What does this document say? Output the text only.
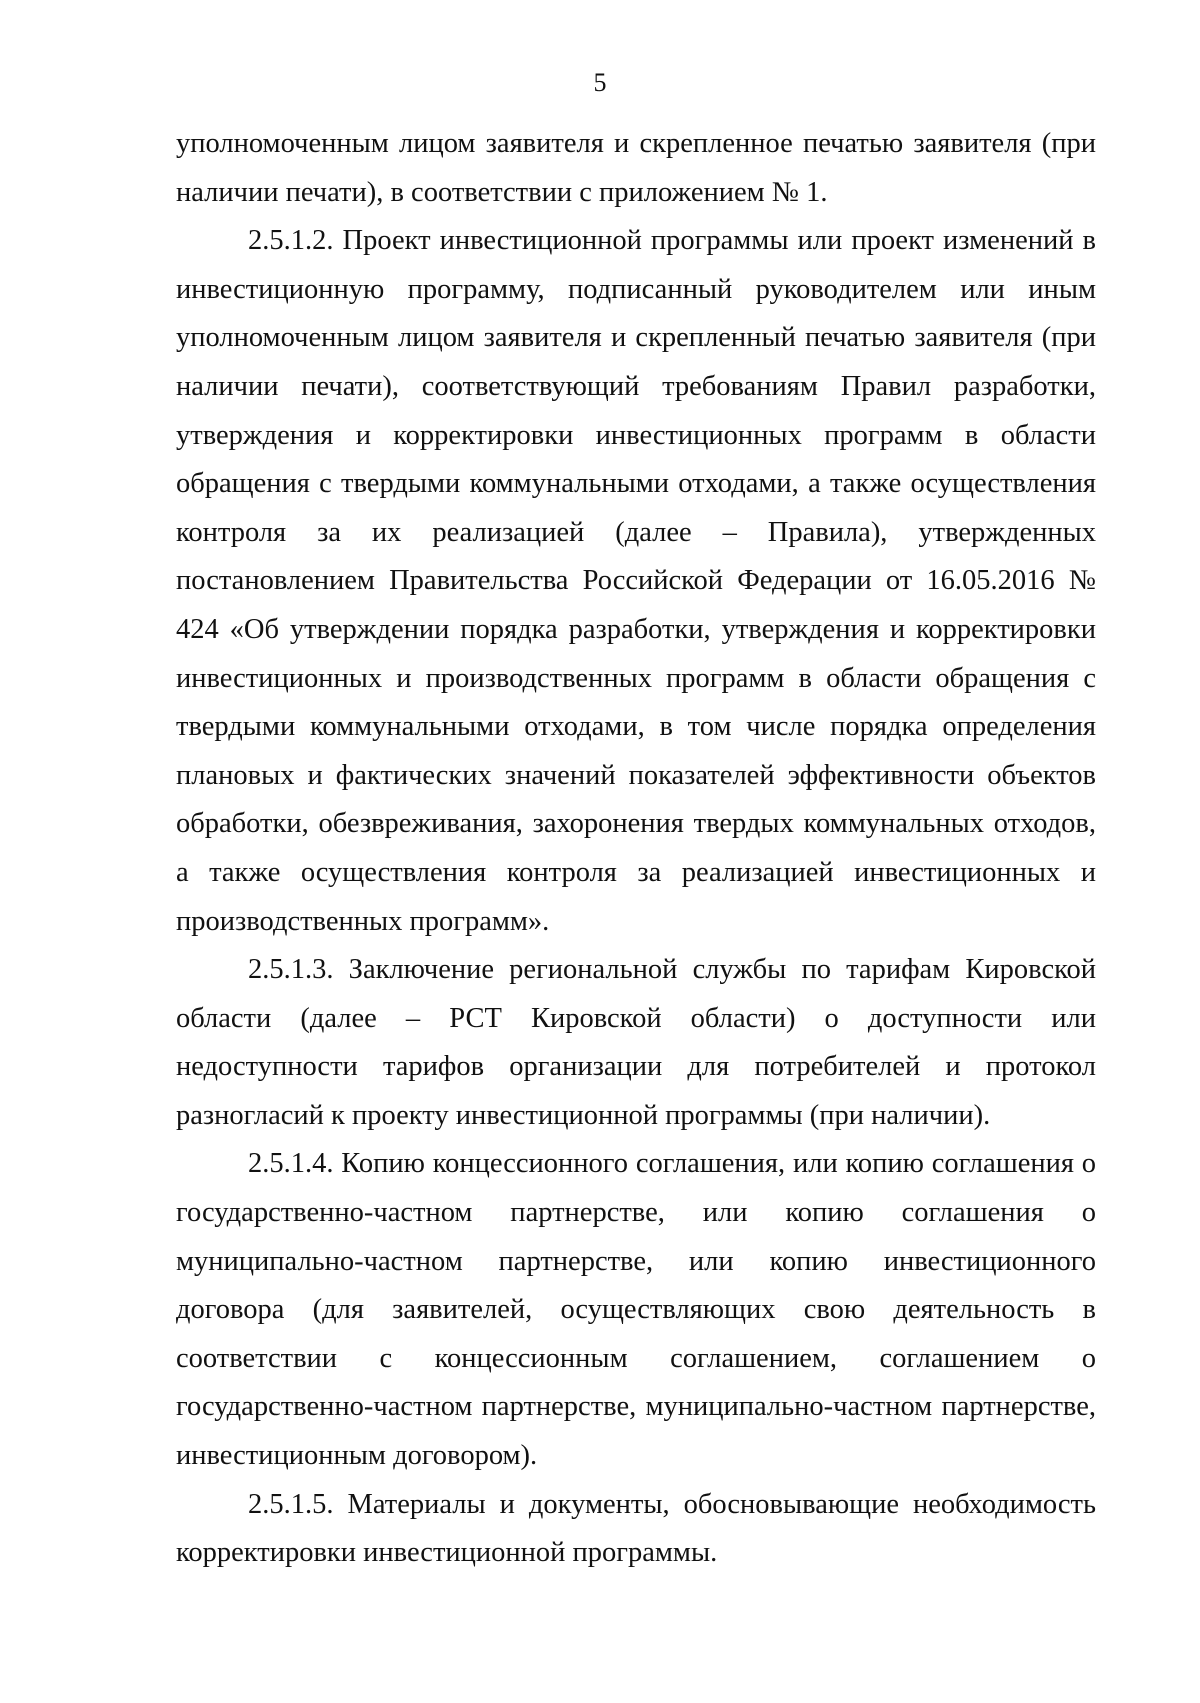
5

уполномоченным лицом заявителя и скрепленное печатью заявителя (при наличии печати), в соответствии с приложением № 1.

2.5.1.2. Проект инвестиционной программы или проект изменений в инвестиционную программу, подписанный руководителем или иным уполномоченным лицом заявителя и скрепленный печатью заявителя (при наличии печати), соответствующий требованиям Правил разработки, утверждения и корректировки инвестиционных программ в области обращения с твердыми коммунальными отходами, а также осуществления контроля за их реализацией (далее – Правила), утвержденных постановлением Правительства Российской Федерации от 16.05.2016 № 424 «Об утверждении порядка разработки, утверждения и корректировки инвестиционных и производственных программ в области обращения с твердыми коммунальными отходами, в том числе порядка определения плановых и фактических значений показателей эффективности объектов обработки, обезвреживания, захоронения твердых коммунальных отходов, а также осуществления контроля за реализацией инвестиционных и производственных программ».

2.5.1.3. Заключение региональной службы по тарифам Кировской области (далее – РСТ Кировской области) о доступности или недоступности тарифов организации для потребителей и протокол разногласий к проекту инвестиционной программы (при наличии).

2.5.1.4. Копию концессионного соглашения, или копию соглашения о государственно-частном партнерстве, или копию соглашения о муниципально-частном партнерстве, или копию инвестиционного договора (для заявителей, осуществляющих свою деятельность в соответствии с концессионным соглашением, соглашением о государственно-частном партнерстве, муниципально-частном партнерстве, инвестиционным договором).

2.5.1.5. Материалы и документы, обосновывающие необходимость корректировки инвестиционной программы.
